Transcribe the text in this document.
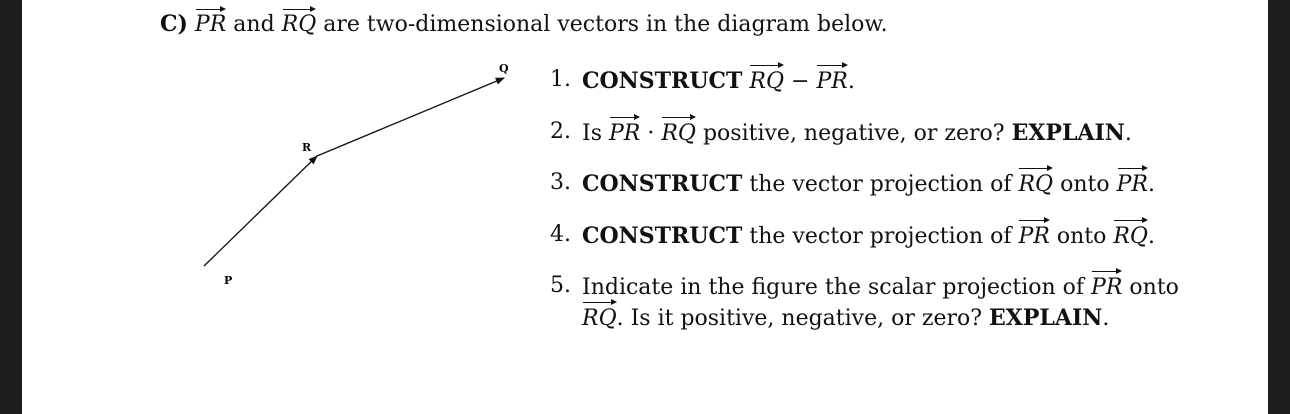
C) PR and RQ are two-dimensional vectors in the diagram below.
P
R
Q 1. CONSTRUCT RQ − PR.
2. Is PR · RQ positive, negative, or zero? EXPLAIN.
3. CONSTRUCT the vector projection of RQ onto PR.
4. CONSTRUCT the vector projection of PR onto RQ.
5. Indicate in the figure the scalar projection of PR onto
RQ. Is it positive, negative, or zero? EXPLAIN.
